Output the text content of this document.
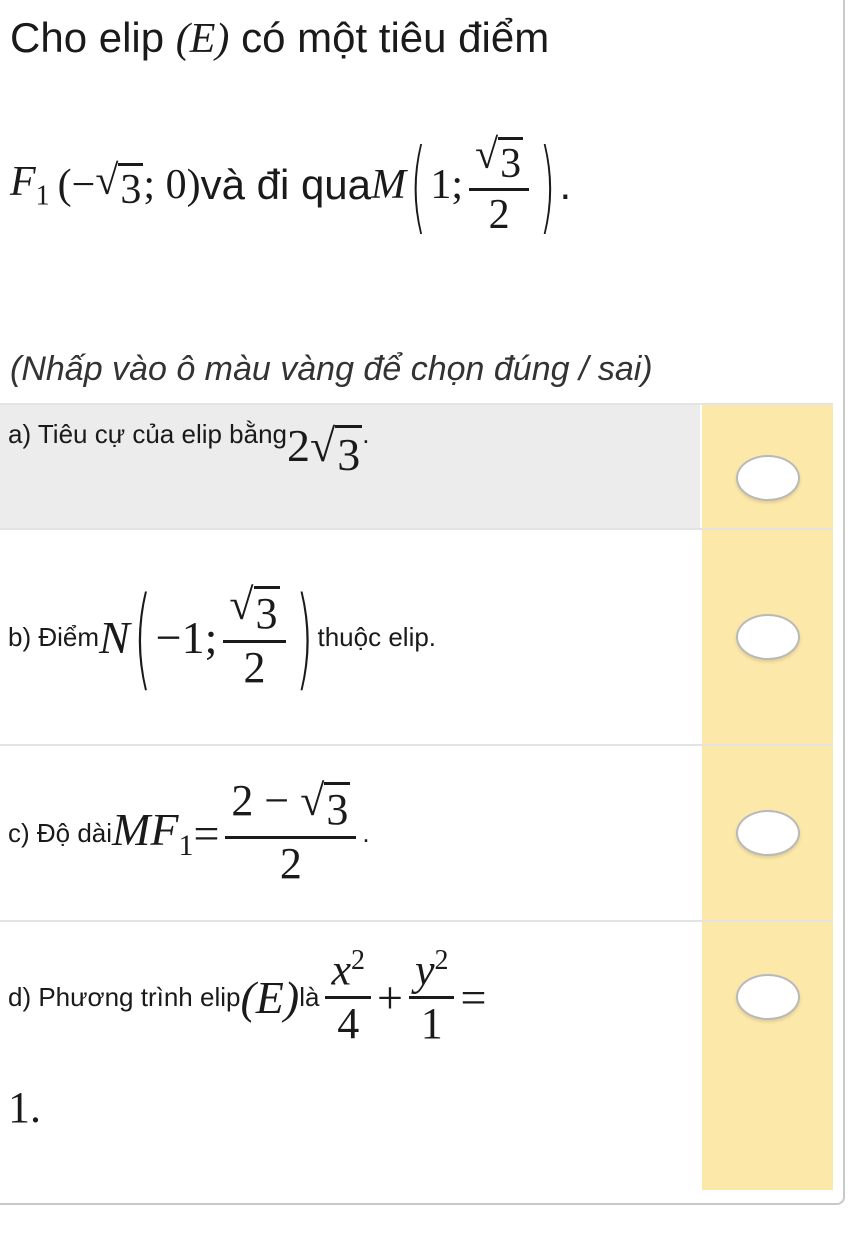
Cho elip (E) có một tiêu điểm
$F_1$ (− √ 3 ; 0) và đi qua M ( 1; $\frac{√ 3}{2}$ ) .
(Nhấp vào ô màu vàng để chọn đúng / sai)
a) Tiêu cự của elip bằng 2 √ 3 .
b) Điểm N ( −1; $\frac{√ 3}{2}$ ) thuộc elip.
c) Độ dài $MF_1 = \frac{2 - √ 3}{2}$ .
d) Phương trình elip (E) là $\frac{x^2}{4} + \frac{y^2}{1}$ =
1.
